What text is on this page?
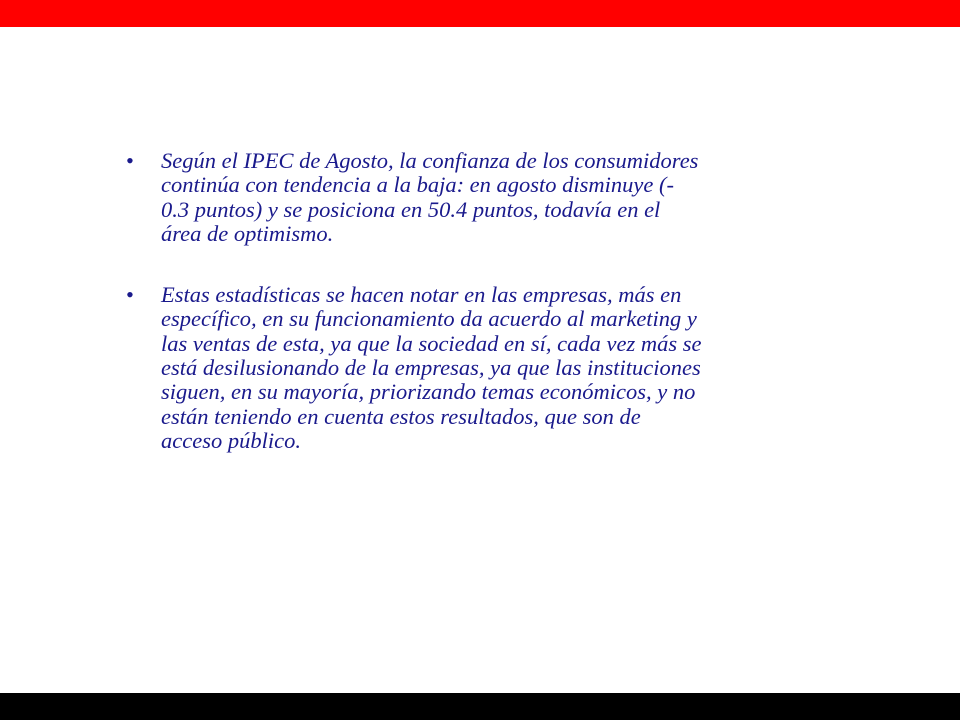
• Según el IPEC de Agosto, la confianza de los consumidores
continúa con tendencia a la baja: en agosto disminuye (-
0.3 puntos) y se posiciona en 50.4 puntos, todavía en el
área de optimismo.
• Estas estadísticas se hacen notar en las empresas, más en
específico, en su funcionamiento da acuerdo al marketing y
las ventas de esta, ya que la sociedad en sí, cada vez más se
está desilusionando de la empresas, ya que las instituciones
siguen, en su mayoría, priorizando temas económicos, y no
están teniendo en cuenta estos resultados, que son de
acceso público.
